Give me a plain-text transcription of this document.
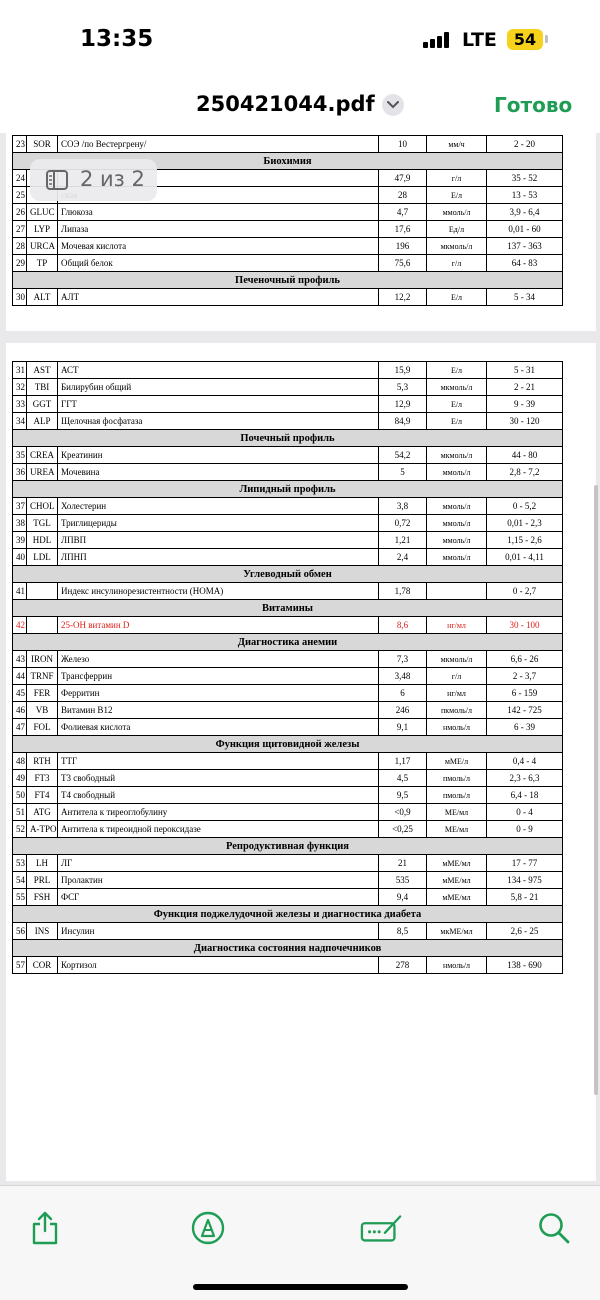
13:35	LTE	54
250421044.pdf	Готово
23	SOR	СОЭ /по Вестергрену/	10	мм/ч	2 - 20
Биохимия					
24			47,9	г/л	35 - 52
25			28	Е/л	13 - 53
26	GLUC	Глюкоза	4,7	ммоль/л	3,9 - 6,4
27	LYP	Липаза	17,6	Ед/л	0,01 - 60
28	URCA	Мочевая кислота	196	мкмоль/л	137 - 363
29	TP	Общий белок	75,6	г/л	64 - 83
Печеночный профиль					
30	ALT	АЛТ	12,2	Е/л	5 - 34
31	AST	АСТ	15,9	Е/л	5 - 31
32	TBI	Билирубин общий	5,3	мкмоль/л	2 - 21
33	GGT	ГГТ	12,9	Е/л	9 - 39
34	ALP	Щелочная фосфатаза	84,9	Е/л	30 - 120
Почечный профиль					
35	CREA	Креатинин	54,2	мкмоль/л	44 - 80
36	UREA	Мочевина	5	ммоль/л	2,8 - 7,2
Липидный профиль					
37	CHOL	Холестерин	3,8	ммоль/л	0 - 5,2
38	TGL	Триглицериды	0,72	ммоль/л	0,01 - 2,3
39	HDL	ЛПВП	1,21	ммоль/л	1,15 - 2,6
40	LDL	ЛПНП	2,4	ммоль/л	0,01 - 4,11
Углеводный обмен					
41		Индекс инсулинорезистентности (HOMA)	1,78		0 - 2,7
Витамины					
42		25-OH витамин D	8,6	нг/мл	30 - 100
Диагностика анемии					
43	IRON	Железо	7,3	мкмоль/л	6,6 - 26
44	TRNF	Трансферрин	3,48	г/л	2 - 3,7
45	FER	Ферритин	6	нг/мл	6 - 159
46	VB	Витамин B12	246	пкмоль/л	142 - 725
47	FOL	Фолиевая кислота	9,1	нмоль/л	6 - 39
Функция щитовидной железы					
48	RTH	ТТГ	1,17	мМЕ/л	0,4 - 4
49	FT3	Т3 свободный	4,5	пмоль/л	2,3 - 6,3
50	FT4	Т4 свободный	9,5	пмоль/л	6,4 - 18
51	ATG	Антитела к тиреоглобулину	<0,9	МЕ/мл	0 - 4
52	A-TPO	Антитела к тиреоидной пероксидазе	<0,25	МЕ/мл	0 - 9
Репродуктивная функция					
53	LH	ЛГ	21	мМЕ/мл	17 - 77
54	PRL	Пролактин	535	мМЕ/мл	134 - 975
55	FSH	ФСГ	9,4	мМЕ/мл	5,8 - 21
Функция поджелудочной железы и диагностика диабета					
56	INS	Инсулин	8,5	мкМЕ/мл	2,6 - 25
Диагностика состояния надпочечников					
57	COR	Кортизол	278	нмоль/л	138 - 690
2 из 2
